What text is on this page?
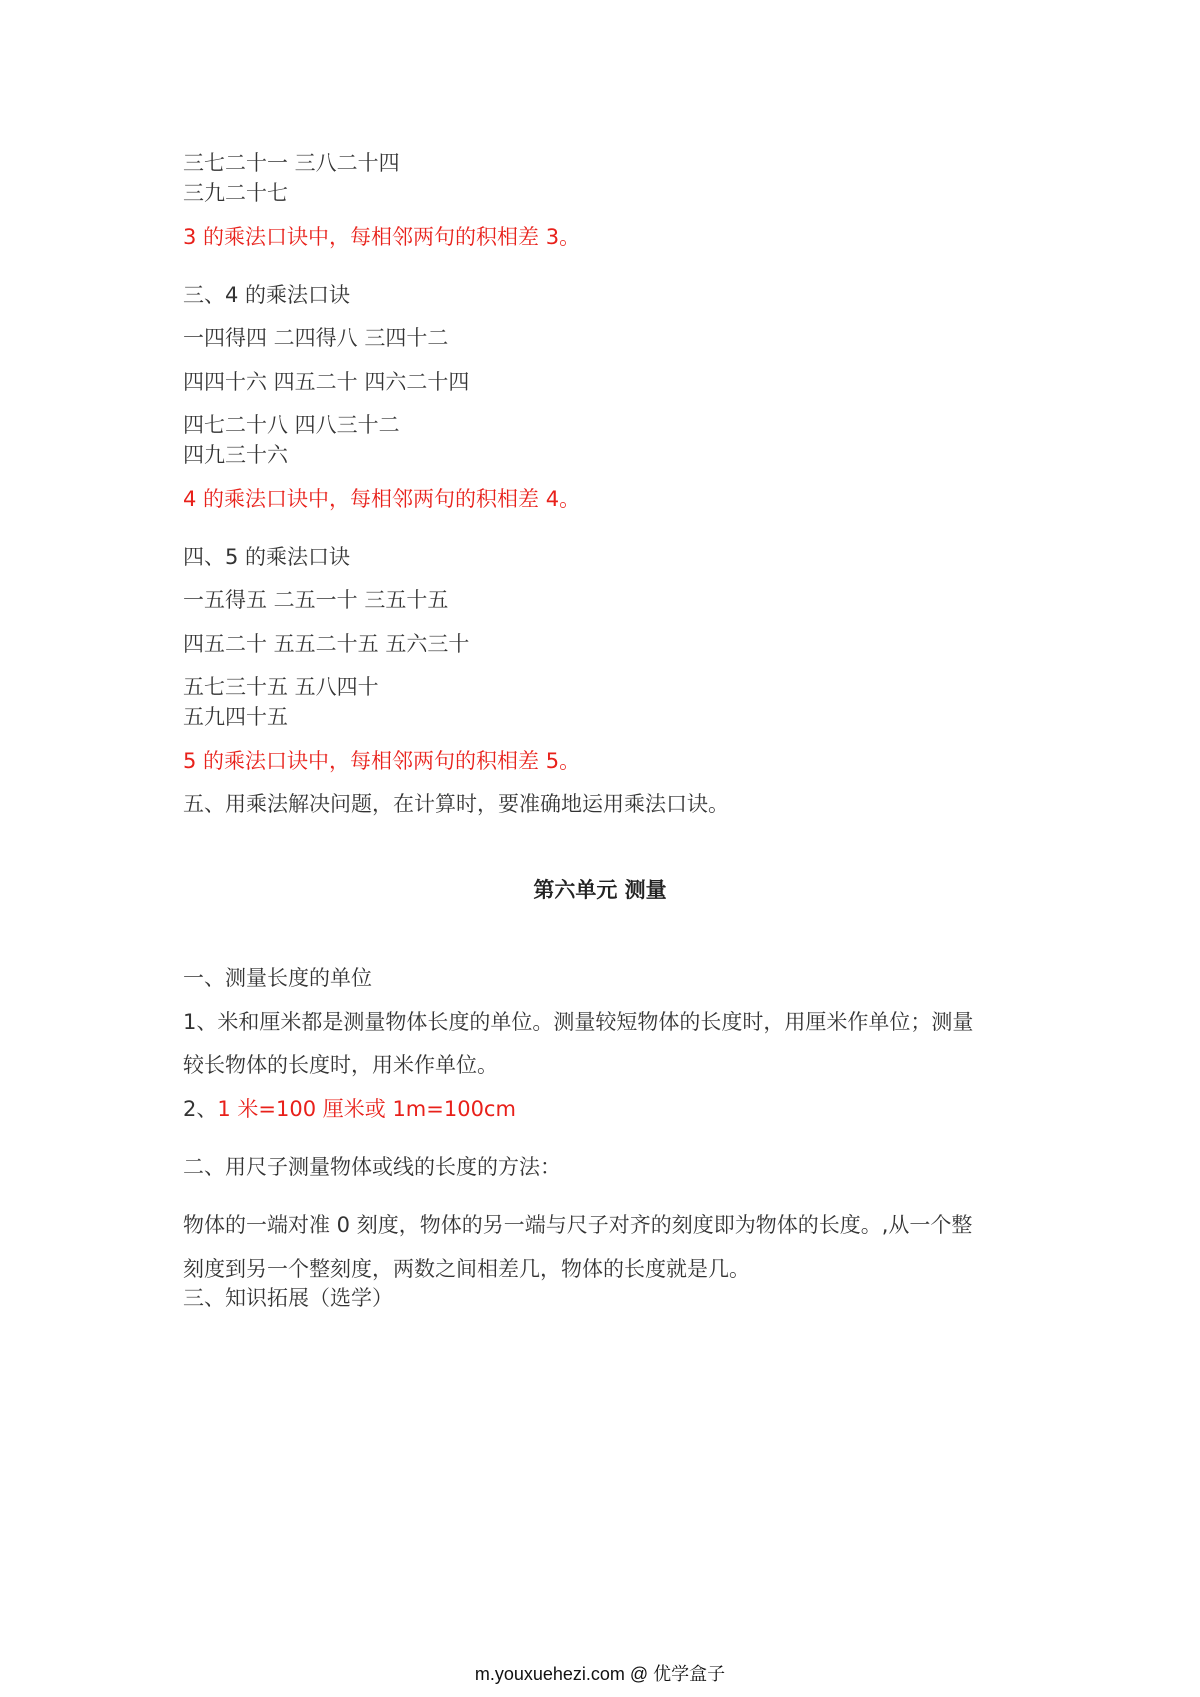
三七二十一 三八二十四
三九二十七
3 的乘法口诀中，每相邻两句的积相差 3。
三、4 的乘法口诀
一四得四 二四得八 三四十二
四四十六 四五二十 四六二十四
四七二十八 四八三十二
四九三十六
4 的乘法口诀中，每相邻两句的积相差 4。
四、5 的乘法口诀
一五得五 二五一十 三五十五
四五二十 五五二十五 五六三十
五七三十五 五八四十
五九四十五
5 的乘法口诀中，每相邻两句的积相差 5。
五、用乘法解决问题，在计算时，要准确地运用乘法口诀。
第六单元 测量
一、测量长度的单位
1、米和厘米都是测量物体长度的单位。测量较短物体的长度时，用厘米作单位；测量
较长物体的长度时，用米作单位。
2、1 米=100 厘米或 1m=100cm
二、用尺子测量物体或线的长度的方法：
物体的一端对准 0 刻度，物体的另一端与尺子对齐的刻度即为物体的长度。,从一个整
刻度到另一个整刻度，两数之间相差几，物体的长度就是几。
三、知识拓展（选学）
m.youxuehezi.com @ 优学盒子
